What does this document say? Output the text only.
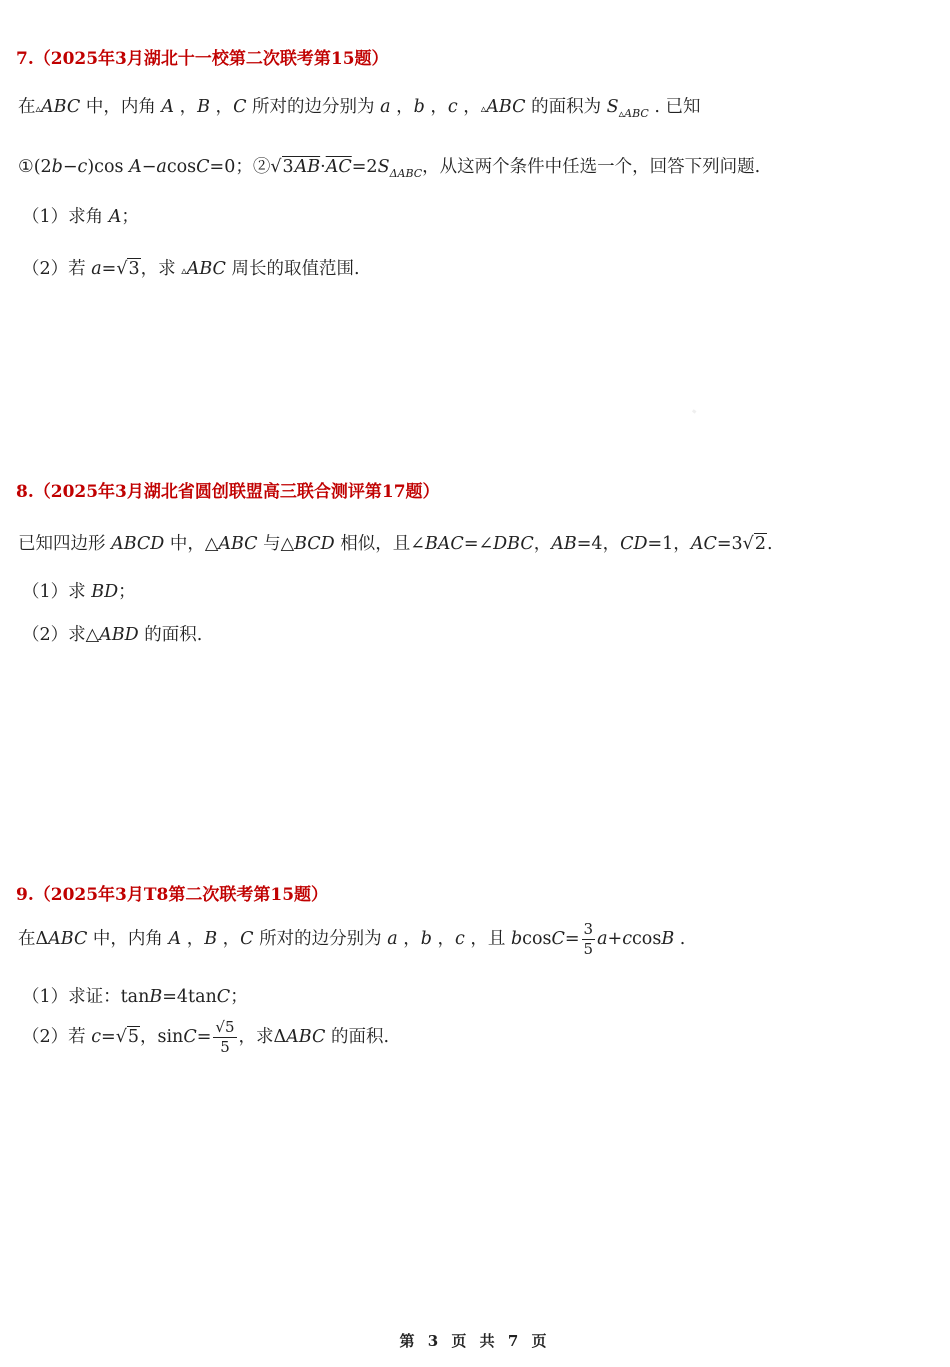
·
7.（2025年3月湖北十一校第二次联考第15题）
在▵ABC 中，内角 A ，B ，C 所对的边分别为 a ，b ，c ，▵ABC 的面积为 $S_{▵ABC}$ . 已知
①(2b−c)cos A−acosC=0；$②√3\overline{AB}\cdot\overline{AC}=2S_{\Delta ABC}$，从这两个条件中任选一个，回答下列问题.
（1）求角 A；
（2）若 a=√3，求 ▵ABC 周长的取值范围.
8.（2025年3月湖北省圆创联盟高三联合测评第17题）
已知四边形 ABCD 中，△ABC 与△BCD 相似，且∠BAC=∠DBC，AB=4，CD=1，AC=3√2.
（1）求 BD；
（2）求△ABD 的面积.
9.（2025年3月T8第二次联考第15题）
在ΔABC 中，内角 A ，B ，C 所对的边分别为 a ，b ，c ，且 $bcosC= \frac{3}{5} a+ccosB$ .
（1）求证：tanB=4tanC；
（2）若 c=√5，$\sin C= \frac{√5}{5}$ ，求ΔABC 的面积.
第 3 页 共 7 页
